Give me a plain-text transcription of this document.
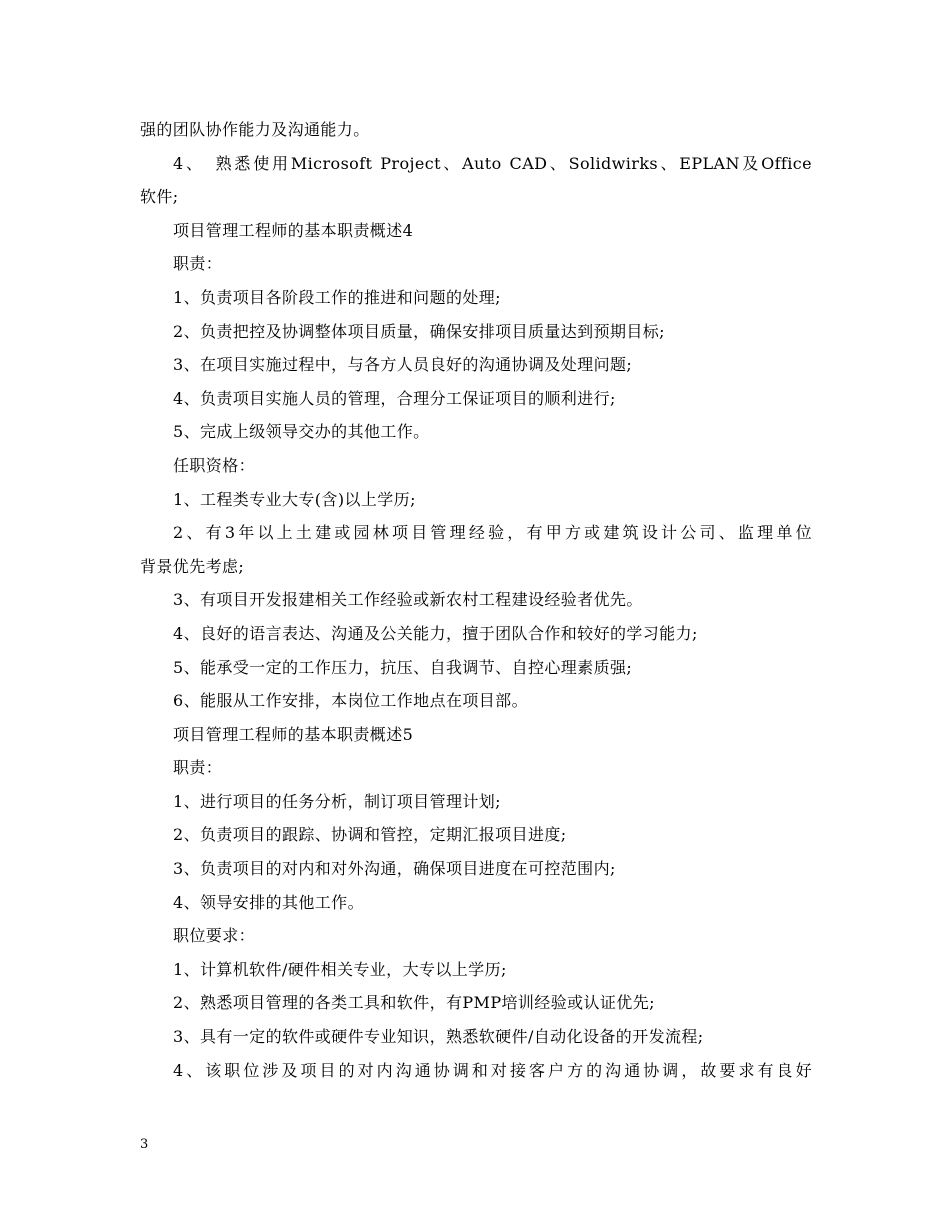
强的团队协作能力及沟通能力。
4、　熟悉使用Microsoft Project、Auto CAD、Solidwirks、EPLAN及Office
软件;
项目管理工程师的基本职责概述4
职责：
1、负责项目各阶段工作的推进和问题的处理;
2、负责把控及协调整体项目质量，确保安排项目质量达到预期目标;
3、在项目实施过程中，与各方人员良好的沟通协调及处理问题;
4、负责项目实施人员的管理，合理分工保证项目的顺利进行;
5、完成上级领导交办的其他工作。
任职资格：
1、工程类专业大专(含)以上学历;
2、有3年以上土建或园林项目管理经验，有甲方或建筑设计公司、监理单位
背景优先考虑;
3、有项目开发报建相关工作经验或新农村工程建设经验者优先。
4、良好的语言表达、沟通及公关能力，擅于团队合作和较好的学习能力;
5、能承受一定的工作压力，抗压、自我调节、自控心理素质强;
6、能服从工作安排，本岗位工作地点在项目部。
项目管理工程师的基本职责概述5
职责：
1、进行项目的任务分析，制订项目管理计划;
2、负责项目的跟踪、协调和管控，定期汇报项目进度;
3、负责项目的对内和对外沟通，确保项目进度在可控范围内;
4、领导安排的其他工作。
职位要求：
1、计算机软件/硬件相关专业，大专以上学历;
2、熟悉项目管理的各类工具和软件，有PMP培训经验或认证优先;
3、具有一定的软件或硬件专业知识，熟悉软硬件/自动化设备的开发流程;
4、该职位涉及项目的对内沟通协调和对接客户方的沟通协调，故要求有良好
3
